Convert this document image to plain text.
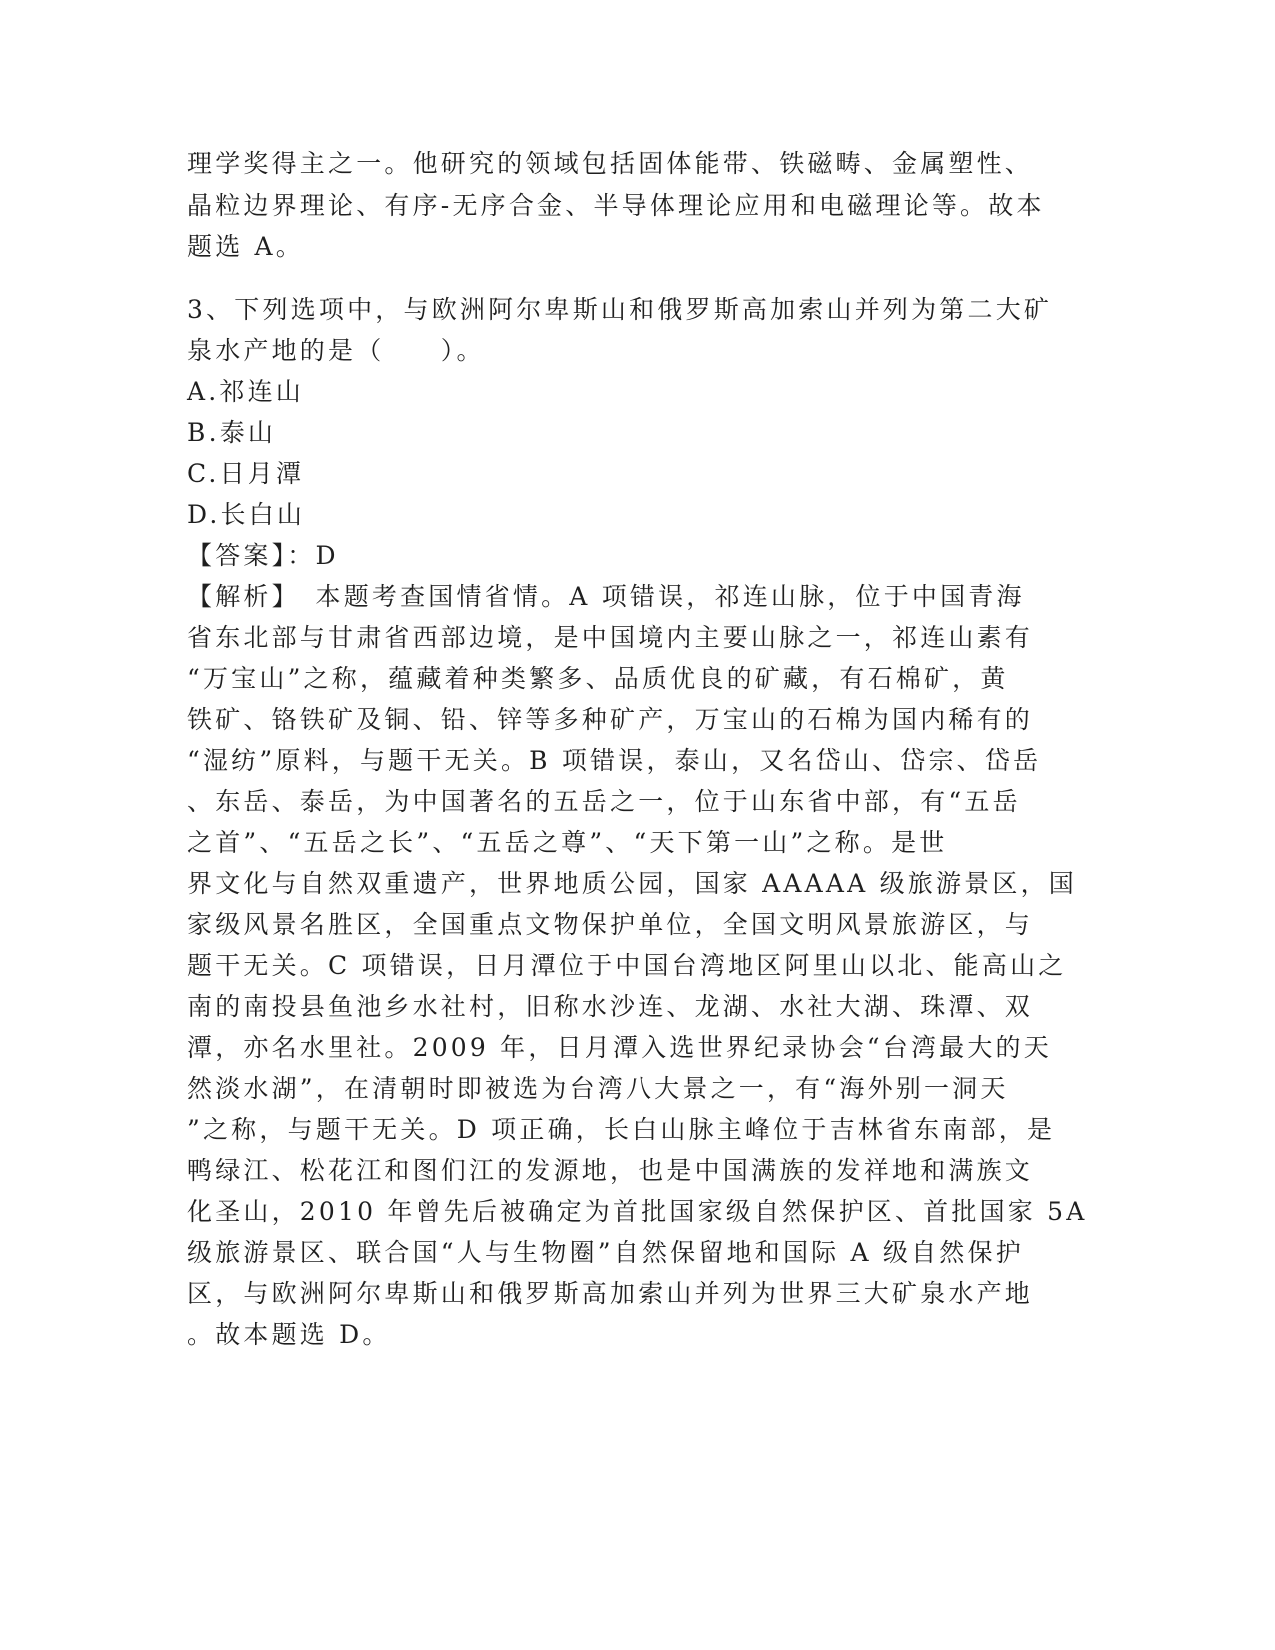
理学奖得主之一。他研究的领域包括固体能带、铁磁畴、金属塑性、
晶粒边界理论、有序-无序合金、半导体理论应用和电磁理论等。故本
题选 A。
3、下列选项中，与欧洲阿尔卑斯山和俄罗斯高加索山并列为第二大矿
泉水产地的是（　　）。
A.祁连山
B.泰山
C.日月潭
D.长白山
【答案】：D
【解析】　本题考查国情省情。A 项错误，祁连山脉，位于中国青海
省东北部与甘肃省西部边境，是中国境内主要山脉之一，祁连山素有
“万宝山”之称，蕴藏着种类繁多、品质优良的矿藏，有石棉矿，黄
铁矿、铬铁矿及铜、铅、锌等多种矿产，万宝山的石棉为国内稀有的
“湿纺”原料，与题干无关。B 项错误，泰山，又名岱山、岱宗、岱岳
、东岳、泰岳，为中国著名的五岳之一，位于山东省中部，有“五岳
之首”、“五岳之长”、“五岳之尊”、“天下第一山”之称。是世
界文化与自然双重遗产，世界地质公园，国家 AAAAA 级旅游景区，国
家级风景名胜区，全国重点文物保护单位，全国文明风景旅游区，与
题干无关。C 项错误，日月潭位于中国台湾地区阿里山以北、能高山之
南的南投县鱼池乡水社村，旧称水沙连、龙湖、水社大湖、珠潭、双
潭，亦名水里社。2009 年，日月潭入选世界纪录协会“台湾最大的天
然淡水湖”，在清朝时即被选为台湾八大景之一，有“海外别一洞天
”之称，与题干无关。D 项正确，长白山脉主峰位于吉林省东南部，是
鸭绿江、松花江和图们江的发源地，也是中国满族的发祥地和满族文
化圣山，2010 年曾先后被确定为首批国家级自然保护区、首批国家 5A
级旅游景区、联合国“人与生物圈”自然保留地和国际 A 级自然保护
区，与欧洲阿尔卑斯山和俄罗斯高加索山并列为世界三大矿泉水产地
。故本题选 D。
